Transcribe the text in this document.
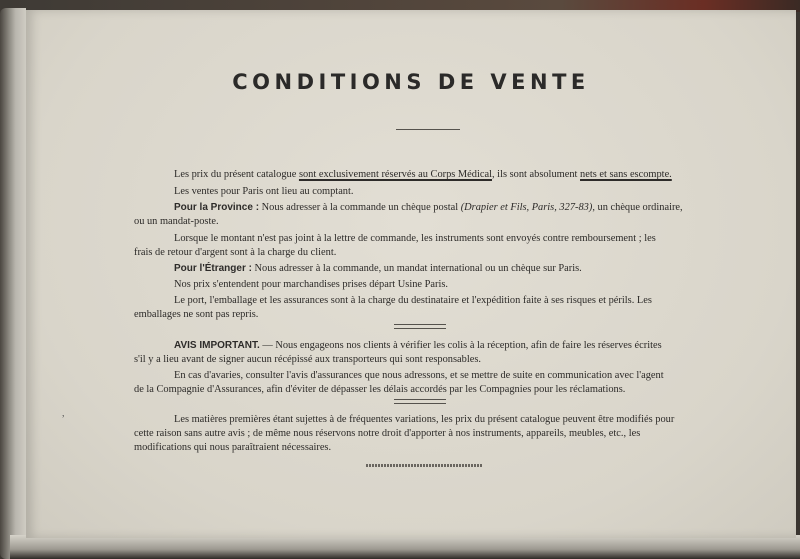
CONDITIONS DE VENTE
Les prix du présent catalogue sont exclusivement réservés au Corps Médical, ils sont absolument nets et sans escompte.
Les ventes pour Paris ont lieu au comptant.
Pour la Province : Nous adresser à la commande un chèque postal (Drapier et Fils, Paris, 327-83), un chèque ordinaire,
ou un mandat-poste.
Lorsque le montant n'est pas joint à la lettre de commande, les instruments sont envoyés contre remboursement ; les
frais de retour d'argent sont à la charge du client.
Pour l'Étranger : Nous adresser à la commande, un mandat international ou un chèque sur Paris.
Nos prix s'entendent pour marchandises prises départ Usine Paris.
Le port, l'emballage et les assurances sont à la charge du destinataire et l'expédition faite à ses risques et périls. Les
emballages ne sont pas repris.
AVIS IMPORTANT. — Nous engageons nos clients à vérifier les colis à la réception, afin de faire les réserves écrites
s'il y a lieu avant de signer aucun récépissé aux transporteurs qui sont responsables.
En cas d'avaries, consulter l'avis d'assurances que nous adressons, et se mettre de suite en communication avec l'agent
de la Compagnie d'Assurances, afin d'éviter de dépasser les délais accordés par les Compagnies pour les réclamations.
,
Les matières premières étant sujettes à de fréquentes variations, les prix du présent catalogue peuvent être modifiés pour
cette raison sans autre avis ; de même nous réservons notre droit d'apporter à nos instruments, appareils, meubles, etc., les
modifications qui nous paraîtraient nécessaires.
